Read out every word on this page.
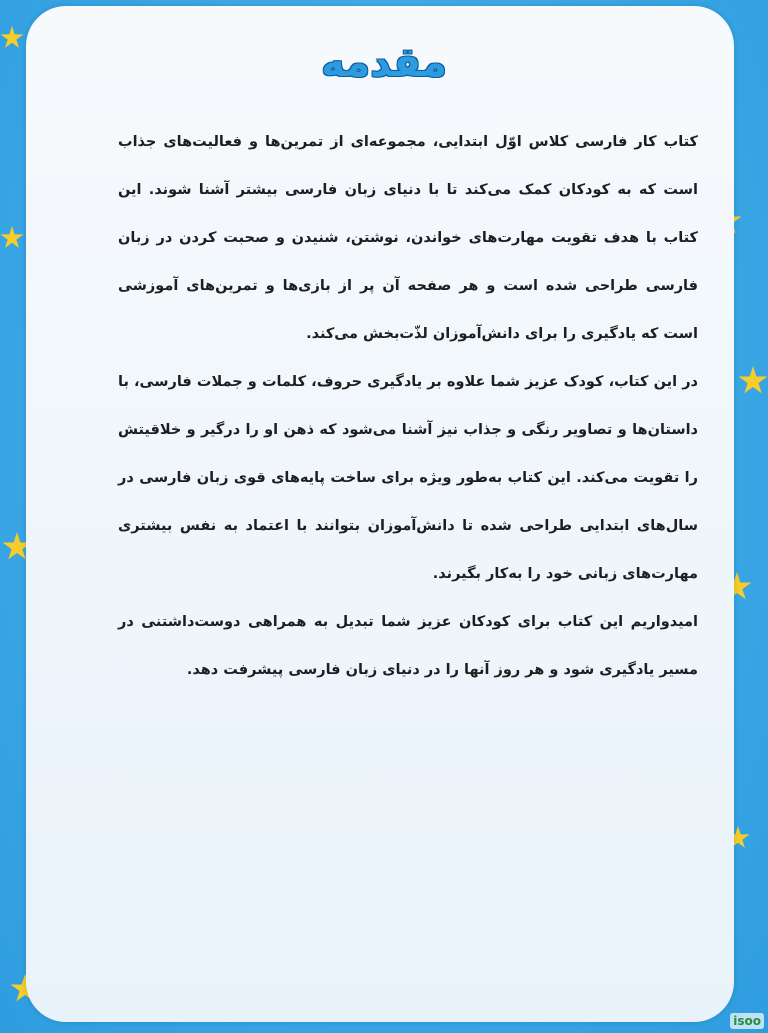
مقدمه

کتاب کار فارسی کلاس اوّل ابتدایی، مجموعه‌ای از تمرین‌ها و فعالیت‌های جذاب است که به کودکان کمک می‌کند تا با دنیای زبان فارسی بیشتر آشنا شوند. این کتاب با هدف تقویت مهارت‌های خواندن، نوشتن، شنیدن و صحبت کردن در زبان فارسی طراحی شده است و هر صفحه آن پر از بازی‌ها و تمرین‌های آموزشی است که یادگیری را برای دانش‌آموزان لذّت‌بخش می‌کند.

در این کتاب، کودک عزیز شما علاوه بر یادگیری حروف، کلمات و جملات فارسی، با داستان‌ها و تصاویر رنگی و جذاب نیز آشنا می‌شود که ذهن او را درگیر و خلاقیتش را تقویت می‌کند. این کتاب به‌طور ویژه برای ساخت پایه‌های قوی زبان فارسی در سال‌های ابتدایی طراحی شده تا دانش‌آموزان بتوانند با اعتماد به نفس بیشتری مهارت‌های زبانی خود را به‌کار بگیرند.

امیدواریم این کتاب برای کودکان عزیز شما تبدیل به همراهی دوست‌داشتنی در مسیر یادگیری شود و هر روز آنها را در دنیای زبان فارسی پیشرفت دهد.

isoo
